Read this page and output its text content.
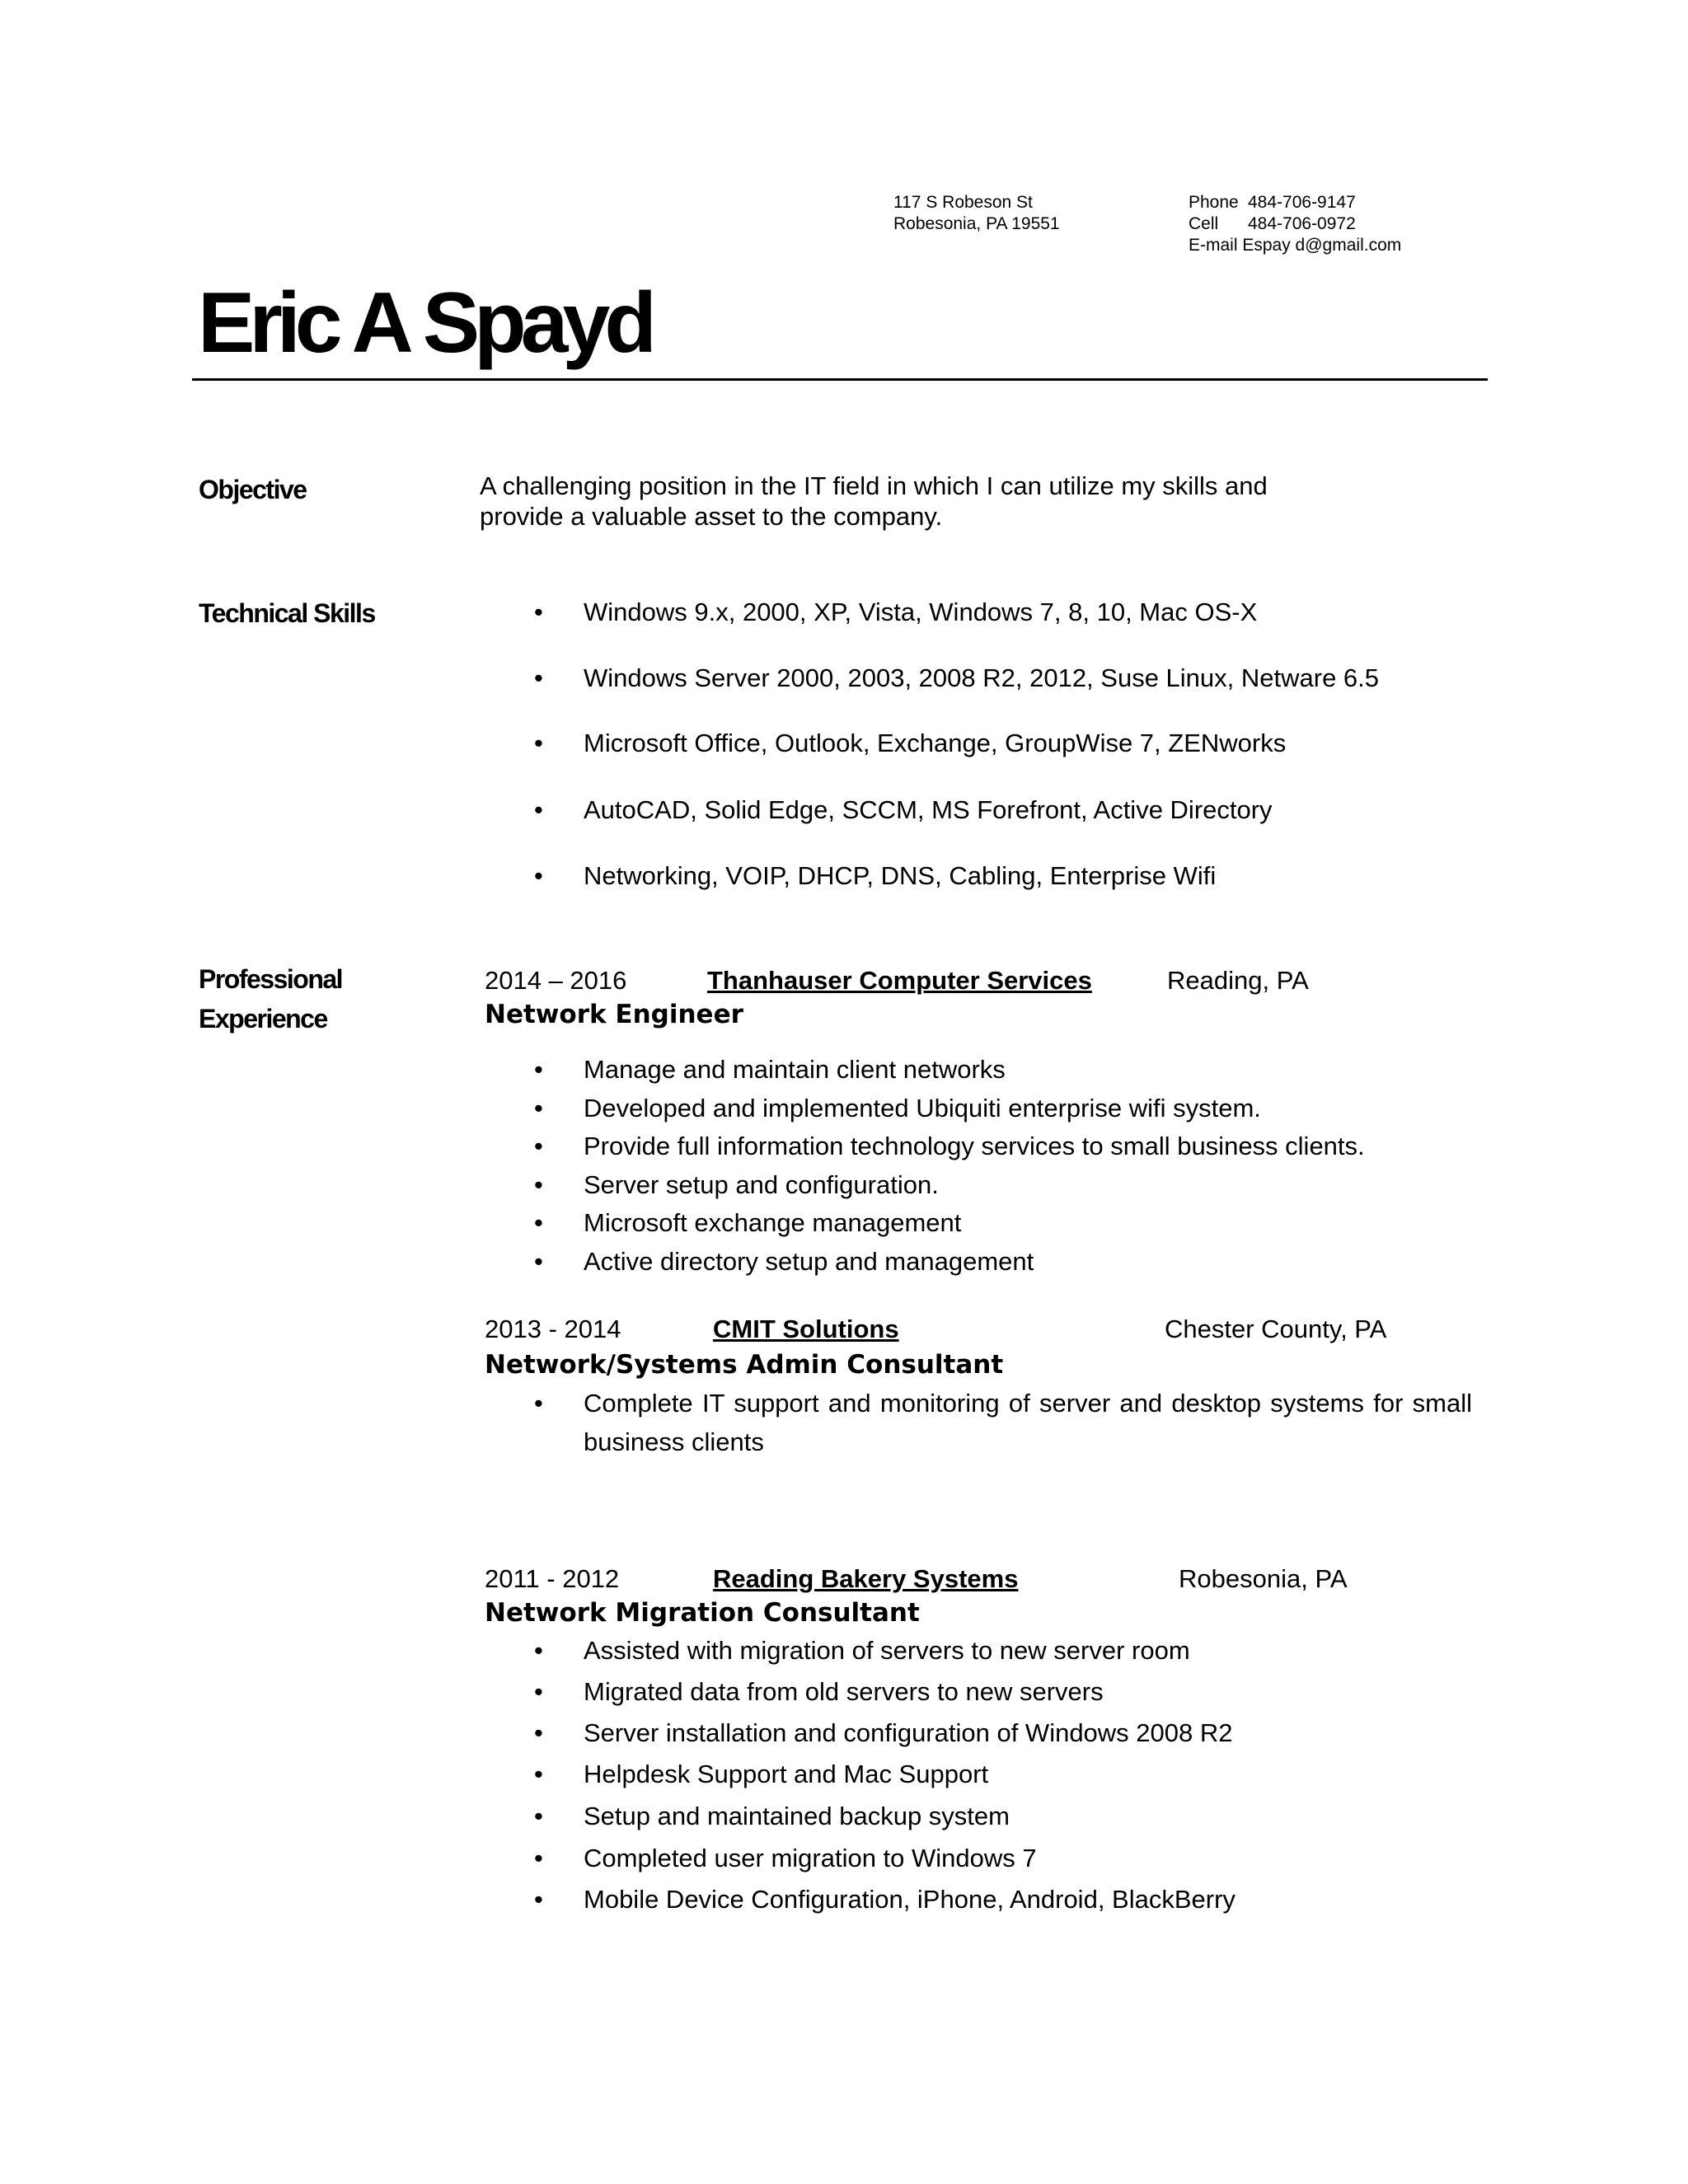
117 S Robeson St
Robesonia, PA 19551
Phone 484-706-9147
Cell 484-706-0972
E-mail Espay d@gmail.com
Eric A Spayd
Objective	A challenging position in the IT field in which I can utilize my skills and
provide a valuable asset to the company.
Technical Skills	• Windows 9.x, 2000, XP, Vista, Windows 7, 8, 10, Mac OS-X
• Windows Server 2000, 2003, 2008 R2, 2012, Suse Linux, Netware 6.5
• Microsoft Office, Outlook, Exchange, GroupWise 7, ZENworks
• AutoCAD, Solid Edge, SCCM, MS Forefront, Active Directory
• Networking, VOIP, DHCP, DNS, Cabling, Enterprise Wifi
Professional
Experience
2014 – 2016	Thanhauser Computer Services	Reading, PA
Network Engineer
• Manage and maintain client networks
• Developed and implemented Ubiquiti enterprise wifi system.
• Provide full information technology services to small business clients.
• Server setup and configuration.
• Microsoft exchange management
• Active directory setup and management
2013 - 2014	CMIT Solutions	Chester County, PA
Network/Systems Admin Consultant
• Complete IT support and monitoring of server and desktop systems for small business clients
2011 - 2012	Reading Bakery Systems	Robesonia, PA
Network Migration Consultant
• Assisted with migration of servers to new server room
• Migrated data from old servers to new servers
• Server installation and configuration of Windows 2008 R2
• Helpdesk Support and Mac Support
• Setup and maintained backup system
• Completed user migration to Windows 7
• Mobile Device Configuration, iPhone, Android, BlackBerry
